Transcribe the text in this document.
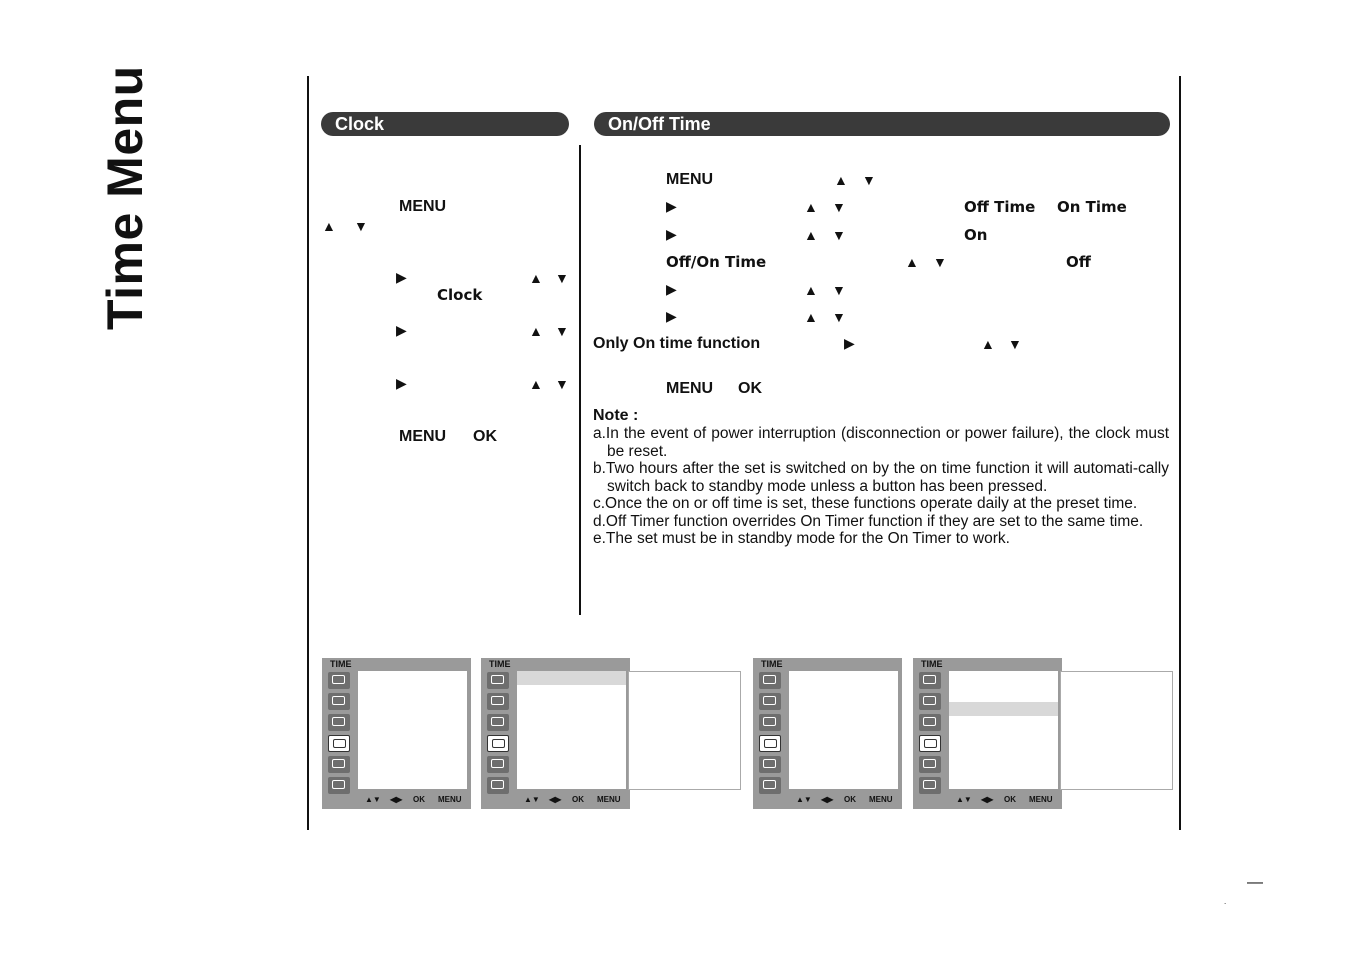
Time Menu	Clock	On/Off Time
MENU
▲ ▼
▶	▲ ▼
Clock
▶	▲ ▼
▶	▲ ▼
MENU OK
MENU	▲ ▼
▶	▲ ▼	Off Time On Time
▶	▲ ▼	On
Off/On Time	▲ ▼	Off
▶	▲ ▼
▶	▲ ▼
Only On time function	▶	▲ ▼
MENU OK
Note :

a.In the event of power interruption (disconnection or power failure), the clock must be reset.

b.Two hours after the set is switched on by the on time function it will automati-cally switch back to standby mode unless a button has been pressed.

c.Once the on or off time is set, these functions operate daily at the preset time.

d.Off Timer function overrides On Timer function if they are set to the same time.

e.The set must be in standby mode for the On Timer to work.

TIME
▲▼ ◀▶ OK MENU
TIME
▲▼ ◀▶ OK MENU
TIME
▲▼ ◀▶ OK MENU
TIME
▲▼ ◀▶ OK MENU
—
.
